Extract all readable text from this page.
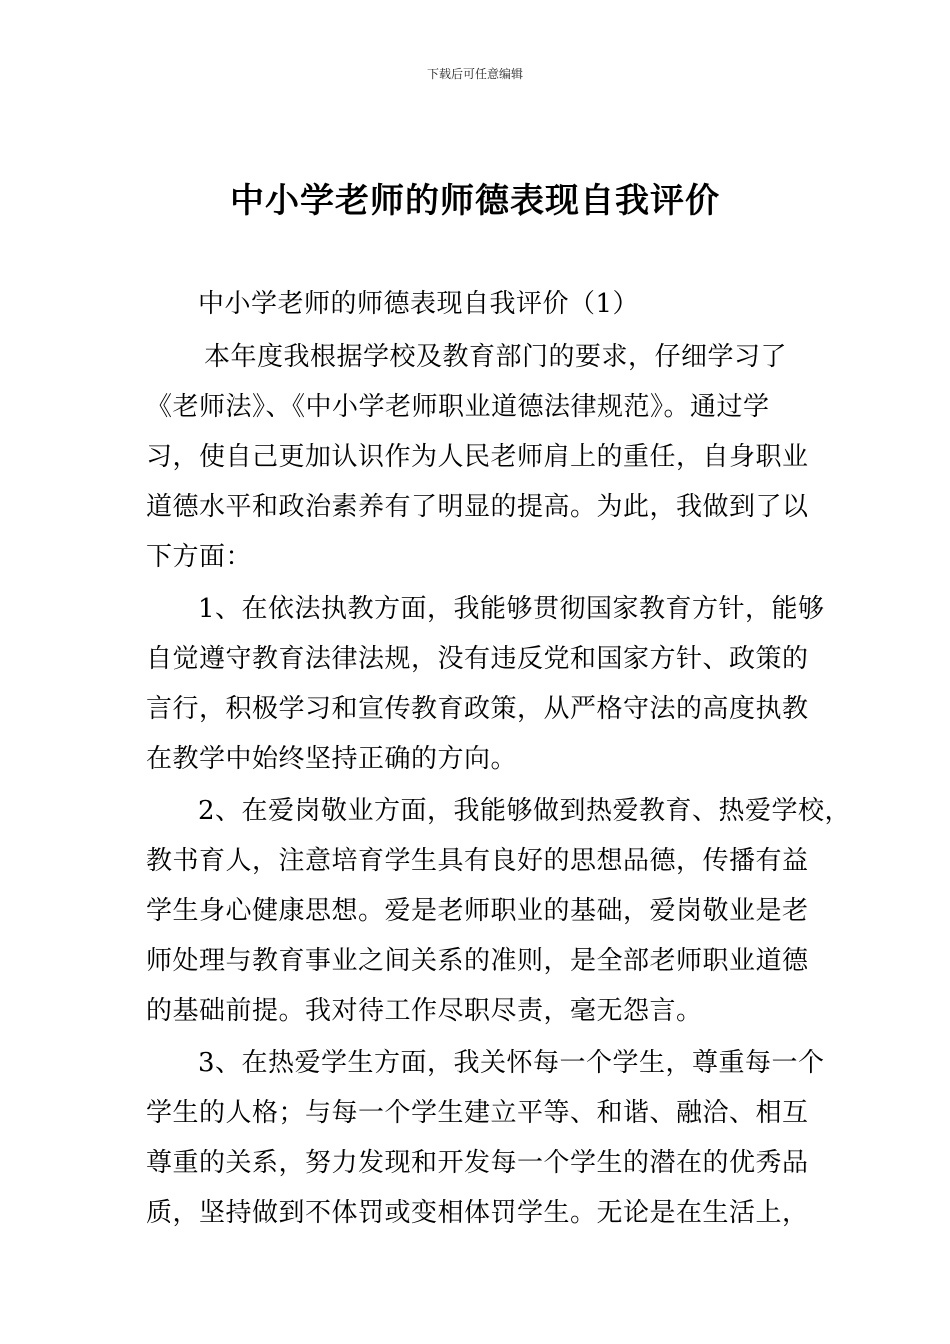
下载后可任意编辑
中小学老师的师德表现自我评价
中小学老师的师德表现自我评价（1）
本年度我根据学校及教育部门的要求，仔细学习了
《老师法》、《中小学老师职业道德法律规范》。通过学
习，使自己更加认识作为人民老师肩上的重任，自身职业
道德水平和政治素养有了明显的提高。为此，我做到了以
下方面：
1、在依法执教方面，我能够贯彻国家教育方针，能够
自觉遵守教育法律法规，没有违反党和国家方针、政策的
言行，积极学习和宣传教育政策，从严格守法的高度执教
在教学中始终坚持正确的方向。
2、在爱岗敬业方面，我能够做到热爱教育、热爱学校，
教书育人，注意培育学生具有良好的思想品德，传播有益
学生身心健康思想。爱是老师职业的基础，爱岗敬业是老
师处理与教育事业之间关系的准则，是全部老师职业道德
的基础前提。我对待工作尽职尽责，毫无怨言。
3、在热爱学生方面，我关怀每一个学生，尊重每一个
学生的人格；与每一个学生建立平等、和谐、融洽、相互
尊重的关系，努力发现和开发每一个学生的潜在的优秀品
质，坚持做到不体罚或变相体罚学生。无论是在生活上，
